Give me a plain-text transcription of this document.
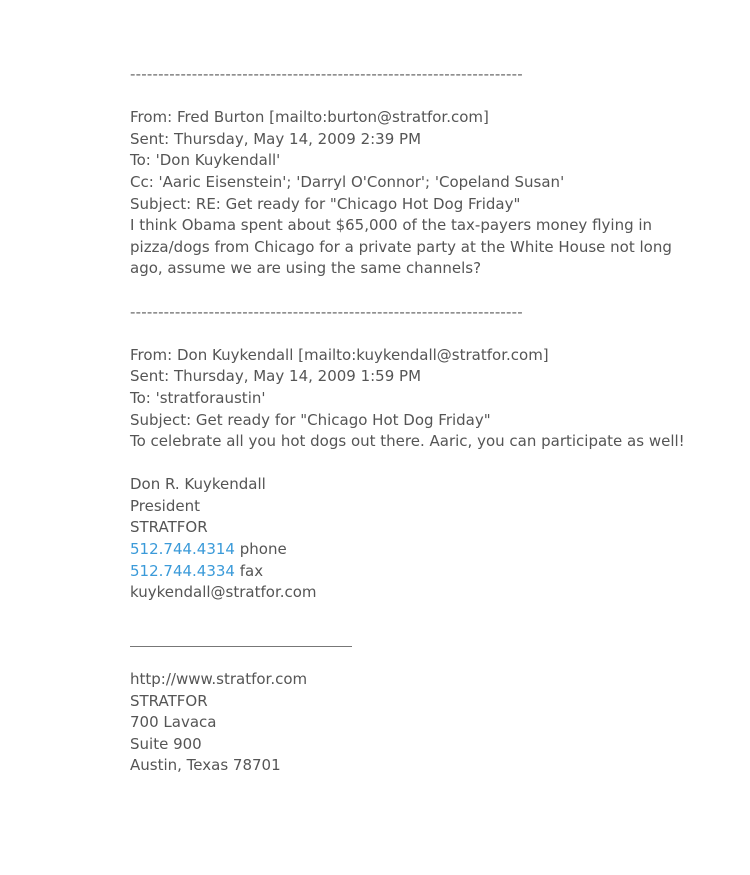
----------------------------------------------------------------------
From: Fred Burton [mailto:burton@stratfor.com]
Sent: Thursday, May 14, 2009 2:39 PM
To: 'Don Kuykendall'
Cc: 'Aaric Eisenstein'; 'Darryl O'Connor'; 'Copeland Susan'
Subject: RE: Get ready for "Chicago Hot Dog Friday"
I think Obama spent about $65,000 of the tax-payers money flying in pizza/dogs from Chicago for a private party at the White House not long ago, assume we are using the same channels?
----------------------------------------------------------------------
From: Don Kuykendall [mailto:kuykendall@stratfor.com]
Sent: Thursday, May 14, 2009 1:59 PM
To: 'stratforaustin'
Subject: Get ready for "Chicago Hot Dog Friday"
To celebrate all you hot dogs out there. Aaric, you can participate as well!
Don R. Kuykendall
President
STRATFOR
512.744.4314 phone
512.744.4334 fax
kuykendall@stratfor.com
http://www.stratfor.com
STRATFOR
700 Lavaca
Suite 900
Austin, Texas 78701
